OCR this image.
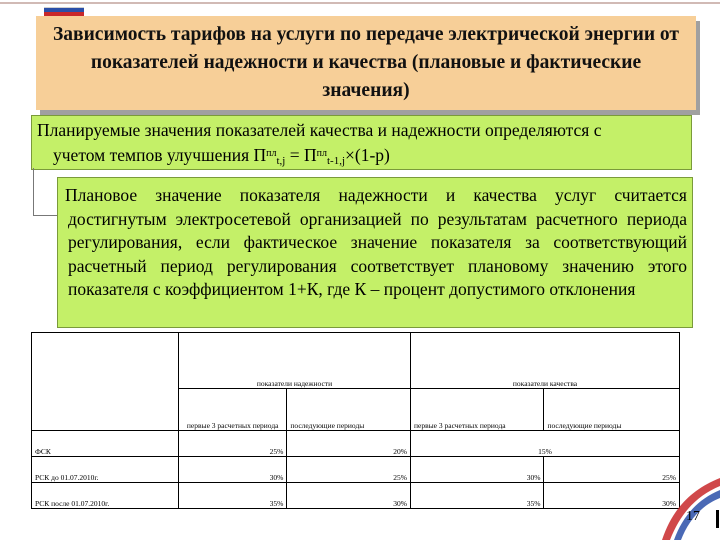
Зависимость тарифов на услуги по передаче электрической энергии от показателей надежности и качества (плановые и фактические значения)
Планируемые значения показателей качества и надежности определяются с
учетом темпов улучшения $П^{пл}_{t,j} = П^{пл}_{t-1,j}\times(1-p)$
Плановое значение показателя надежности и качества услуг считается достигнутым электросетевой организацией по результатам расчетного периода регулирования, если фактическое значение показателя за соответствующий расчетный период регулирования соответствует плановому значению этого показателя с коэффициентом 1+К, где К – процент допустимого отклонения
	показатели надежности		показатели качества	
	первые 3 расчетных периода	последующие периоды	первые 3 расчетных периода	последующие периоды
ФСК	25%	20%	15%	
РСК до 01.07.2010г.	30%	25%	30%	25%
РСК после 01.07.2010г.	35%	30%	35%	30%
17
